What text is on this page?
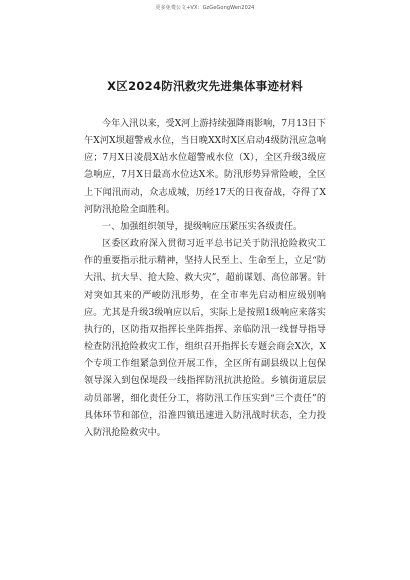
更多免费公文+VX：GzGeGongWen2024
X区2024防汛救灾先进集体事迹材料

今年入汛以来，受X河上游持续强降雨影响，7月13日下午X河X坝超警戒水位，当日晚XX时X区启动4级防汛应急响应；7月X日凌晨X站水位超警戒水位（X），全区升级3级应急响应，7月X日最高水位达X米。防汛形势异常险峻，全区上下闻汛而动，众志成城，历经17天的日夜奋战，夺得了X河防汛抢险全面胜利。

一、加强组织领导，提级响应压紧压实各级责任。

区委区政府深入贯彻习近平总书记关于防汛抢险救灾工作的重要指示批示精神，坚持人民至上、生命至上，立足“防大汛、抗大旱、抢大险、救大灾”，超前谋划、高位部署。针对突如其来的严峻防汛形势，在全市率先启动相应级别响应。尤其是升级3级响应以后，实际上是按照1级响应来落实执行的，区防指双指挥长坐阵指挥、亲临防汛一线督导指导检查防汛抢险救灾工作，组织召开指挥长专题会商会X次，X个专项工作组紧急到位开展工作，全区所有副县级以上包保领导深入到包保堤段一线指挥防汛抗洪抢险。乡镇街道层层动员部署，细化责任分工，将防汛工作压实到“三个责任”的具体环节和部位，沿淮四镇迅速进入防汛战时状态，全力投入防汛抢险救灾中。
